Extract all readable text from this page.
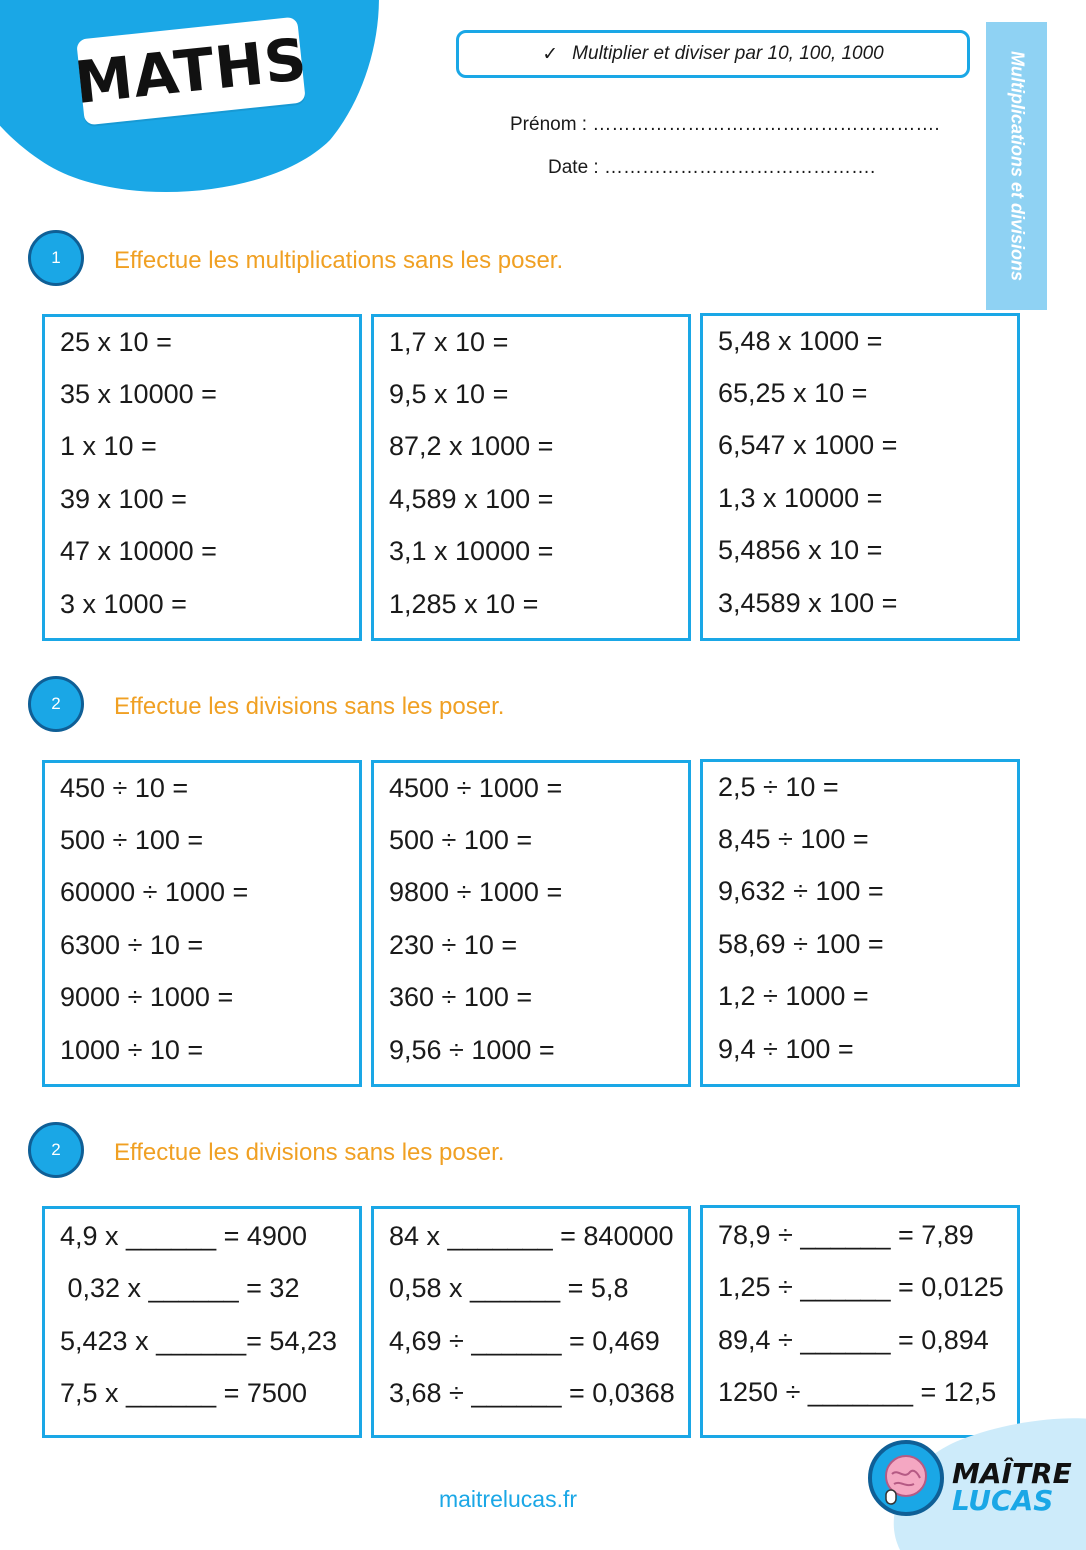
MATHS	✓ Multiplier et diviser par 10, 100, 1000
Prénom : ……………………………………………….
Date : …………………………………….	Multiplications et divisions
1	Effectue les multiplications sans les poser.
25 x 10 =
35 x 10000 =
1 x 10 =
39 x 100 =
47 x 10000 =
3 x 1000 =
1,7 x 10 =
9,5 x 10 =
87,2 x 1000 =
4,589 x 100 =
3,1 x 10000 =
1,285 x 10 =
5,48 x 1000 =
65,25 x 10 =
6,547 x 1000 =
1,3 x 10000 =
5,4856 x 10 =
3,4589 x 100 =
2	Effectue les divisions sans les poser.
450 ÷ 10 =
500 ÷ 100 =
60000 ÷ 1000 =
6300 ÷ 10 =
9000 ÷ 1000 =
1000 ÷ 10 =
4500 ÷ 1000 =
500 ÷ 100 =
9800 ÷ 1000 =
230 ÷ 10 =
360 ÷ 100 =
9,56 ÷ 1000 =
2,5 ÷ 10 =
8,45 ÷ 100 =
9,632 ÷ 100 =
58,69 ÷ 100 =
1,2 ÷ 1000 =
9,4 ÷ 100 =
2	Effectue les divisions sans les poser.
4,9 x ______ = 4900
0,32 x ______ = 32
5,423 x ______= 54,23
7,5 x ______ = 7500
84 x _______ = 840000
0,58 x ______ = 5,8
4,69 ÷ ______ = 0,469
3,68 ÷ ______ = 0,0368
78,9 ÷ ______ = 7,89
1,25 ÷ ______ = 0,0125
89,4 ÷ ______ = 0,894
1250 ÷ _______ = 12,5
maitrelucas.fr
MAÎTRE
LUCAS
